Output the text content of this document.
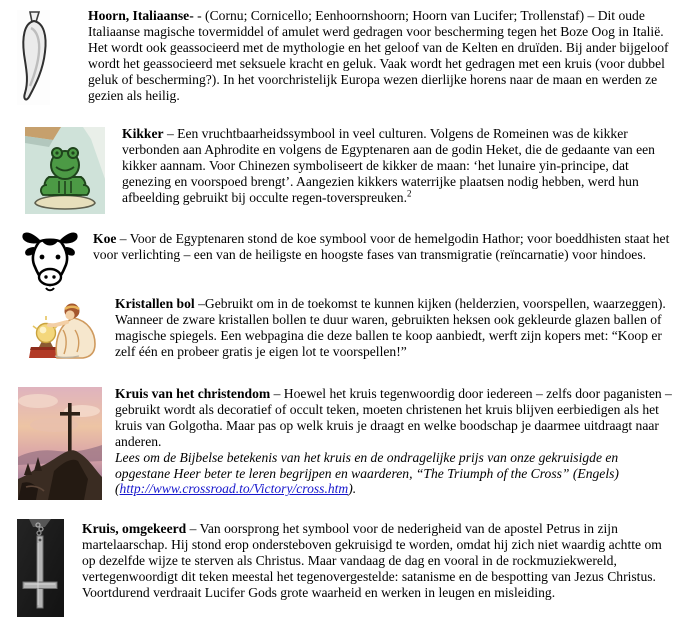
Hoorn, Italiaanse- - (Cornu; Cornicello; Eenhoornshoorn; Hoorn van Lucifer; Trollenstaf) – Dit oude Italiaanse magische tovermiddel of amulet werd gedragen voor bescherming tegen het Boze Oog in Italië. Het wordt ook geassocieerd met de mythologie en het geloof van de Kelten en druïden. Bij ander bijgeloof wordt het geassocieerd met seksuele kracht en geluk. Vaak wordt het gedragen met een kruis (voor dubbel geluk of bescherming?). In het voorchristelijk Europa wezen dierlijke horens naar de maan en werden ze gezien als heilig.

Kikker – Een vruchtbaarheidssymbool in veel culturen. Volgens de Romeinen was de kikker verbonden aan Aphrodite en volgens de Egyptenaren aan de godin Heket, die de gedaante van een kikker aannam. Voor Chinezen symboliseert de kikker de maan: ‘het lunaire yin-principe, dat genezing en voorspoed brengt’. Aangezien kikkers waterrijke plaatsen nodig hebben, werd hun afbeelding gebruikt bij occulte regen-toverspreuken.$^2$

Koe – Voor de Egyptenaren stond de koe symbool voor de hemelgodin Hathor; voor boeddhisten staat het voor verlichting – een van de heiligste en hoogste fases van transmigratie (reïncarnatie) voor hindoes.

Kristallen bol –Gebruikt om in de toekomst te kunnen kijken (helderzien, voorspellen, waarzeggen). Wanneer de zware kristallen bollen te duur waren, gebruikten heksen ook gekleurde glazen ballen of magische spiegels. Een webpagina die deze ballen te koop aanbiedt, werft zijn kopers met: “Koop er zelf één en probeer gratis je eigen lot te voorspellen!”

Kruis van het christendom – Hoewel het kruis tegenwoordig door iedereen – zelfs door paganisten – gebruikt wordt als decoratief of occult teken, moeten christenen het kruis blijven eerbiedigen als het kruis van Golgotha. Maar pas op welk kruis je draagt en welke boodschap je daarmee uitdraagt naar anderen.

Lees om de Bijbelse betekenis van het kruis en de ondragelijke prijs van onze gekruisigde en opgestane Heer beter te leren begrijpen en waarderen, “The Triumph of the Cross” (Engels) (http://www.crossroad.to/Victory/cross.htm).

Kruis, omgekeerd – Van oorsprong het symbool voor de nederigheid van de apostel Petrus in zijn martelaarschap. Hij stond erop ondersteboven gekruisigd te worden, omdat hij zich niet waardig achtte om op dezelfde wijze te sterven als Christus. Maar vandaag de dag en vooral in de rockmuziekwereld, vertegenwoordigt dit teken meestal het tegenovergestelde: satanisme en de bespotting van Jezus Christus. Voortdurend verdraait Lucifer Gods grote waarheid en werken in leugen en misleiding.
